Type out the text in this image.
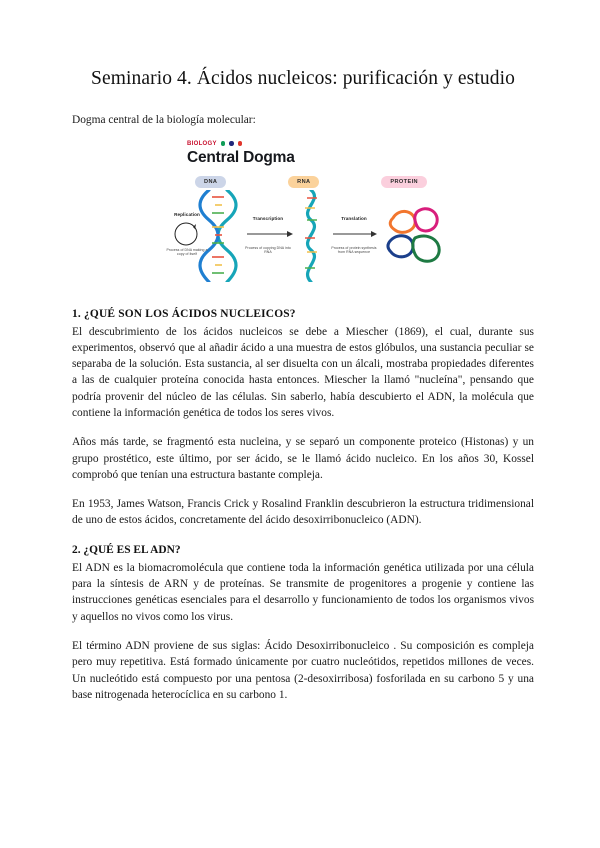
Seminario 4. Ácidos nucleicos: purificación y estudio
Dogma central de la biología molecular:
BIOLOGY
Central Dogma
DNA	RNA	PROTEIN
Replication
Process of DNA making a copy of itself
Transcription
Process of copying DNA into RNA
Translation
Process of protein synthesis from RNA sequence
1. ¿QUÉ SON LOS ÁCIDOS NUCLEICOS?

El descubrimiento de los ácidos nucleicos se debe a Miescher (1869), el cual, durante sus experimentos, observó que al añadir ácido a una muestra de estos glóbulos, una sustancia peculiar se separaba de la solución. Esta sustancia, al ser disuelta con un álcali, mostraba propiedades diferentes a las de cualquier proteína conocida hasta entonces. Miescher la llamó "nucleína", pensando que podría provenir del núcleo de las células. Sin saberlo, había descubierto el ADN, la molécula que contiene la información genética de todos los seres vivos.

Años más tarde, se fragmentó esta nucleina, y se separó un componente proteico (Histonas) y un grupo prostético, este último, por ser ácido, se le llamó ácido nucleico. En los años 30, Kossel comprobó que tenían una estructura bastante compleja.

En 1953, James Watson, Francis Crick y Rosalind Franklin descubrieron la estructura tridimensional de uno de estos ácidos, concretamente del ácido desoxirribonucleico (ADN).

2. ¿QUÉ ES EL ADN?

El ADN es la biomacromolécula que contiene toda la información genética utilizada por una célula para la síntesis de ARN y de proteínas. Se transmite de progenitores a progenie y contiene las instrucciones genéticas esenciales para el desarrollo y funcionamiento de todos los organismos vivos y aquellos no vivos como los virus.

El término ADN proviene de sus siglas: Ácido Desoxirribonucleico . Su composición es compleja pero muy repetitiva. Está formado únicamente por cuatro nucleótidos, repetidos millones de veces. Un nucleótido está compuesto por una pentosa (2-desoxirribosa) fosforilada en su carbono 5 y una base nitrogenada heterocíclica en su carbono 1.
